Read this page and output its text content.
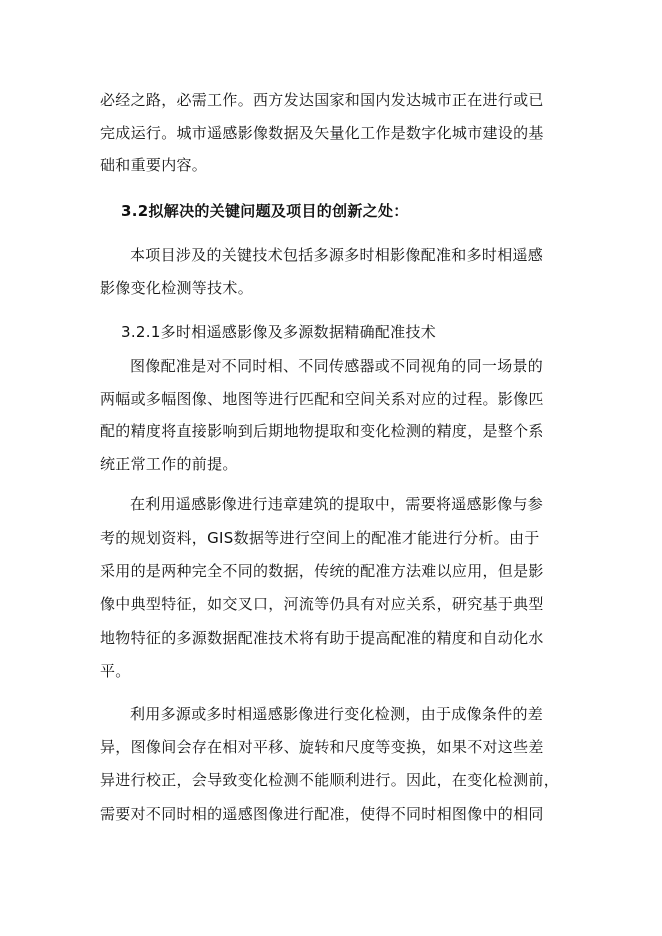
必经之路，必需工作。西方发达国家和国内发达城市正在进行或已
完成运行。城市遥感影像数据及矢量化工作是数字化城市建设的基
础和重要内容。
3.2拟解决的关键问题及项目的创新之处：
本项目涉及的关键技术包括多源多时相影像配准和多时相遥感
影像变化检测等技术。
3.2.1多时相遥感影像及多源数据精确配准技术
图像配准是对不同时相、不同传感器或不同视角的同一场景的
两幅或多幅图像、地图等进行匹配和空间关系对应的过程。影像匹
配的精度将直接影响到后期地物提取和变化检测的精度，是整个系
统正常工作的前提。
在利用遥感影像进行违章建筑的提取中，需要将遥感影像与参
考的规划资料，GIS数据等进行空间上的配准才能进行分析。由于
采用的是两种完全不同的数据，传统的配准方法难以应用，但是影
像中典型特征，如交叉口，河流等仍具有对应关系，研究基于典型
地物特征的多源数据配准技术将有助于提高配准的精度和自动化水
平。
利用多源或多时相遥感影像进行变化检测，由于成像条件的差
异，图像间会存在相对平移、旋转和尺度等变换，如果不对这些差
异进行校正，会导致变化检测不能顺利进行。因此，在变化检测前，
需要对不同时相的遥感图像进行配准，使得不同时相图像中的相同
